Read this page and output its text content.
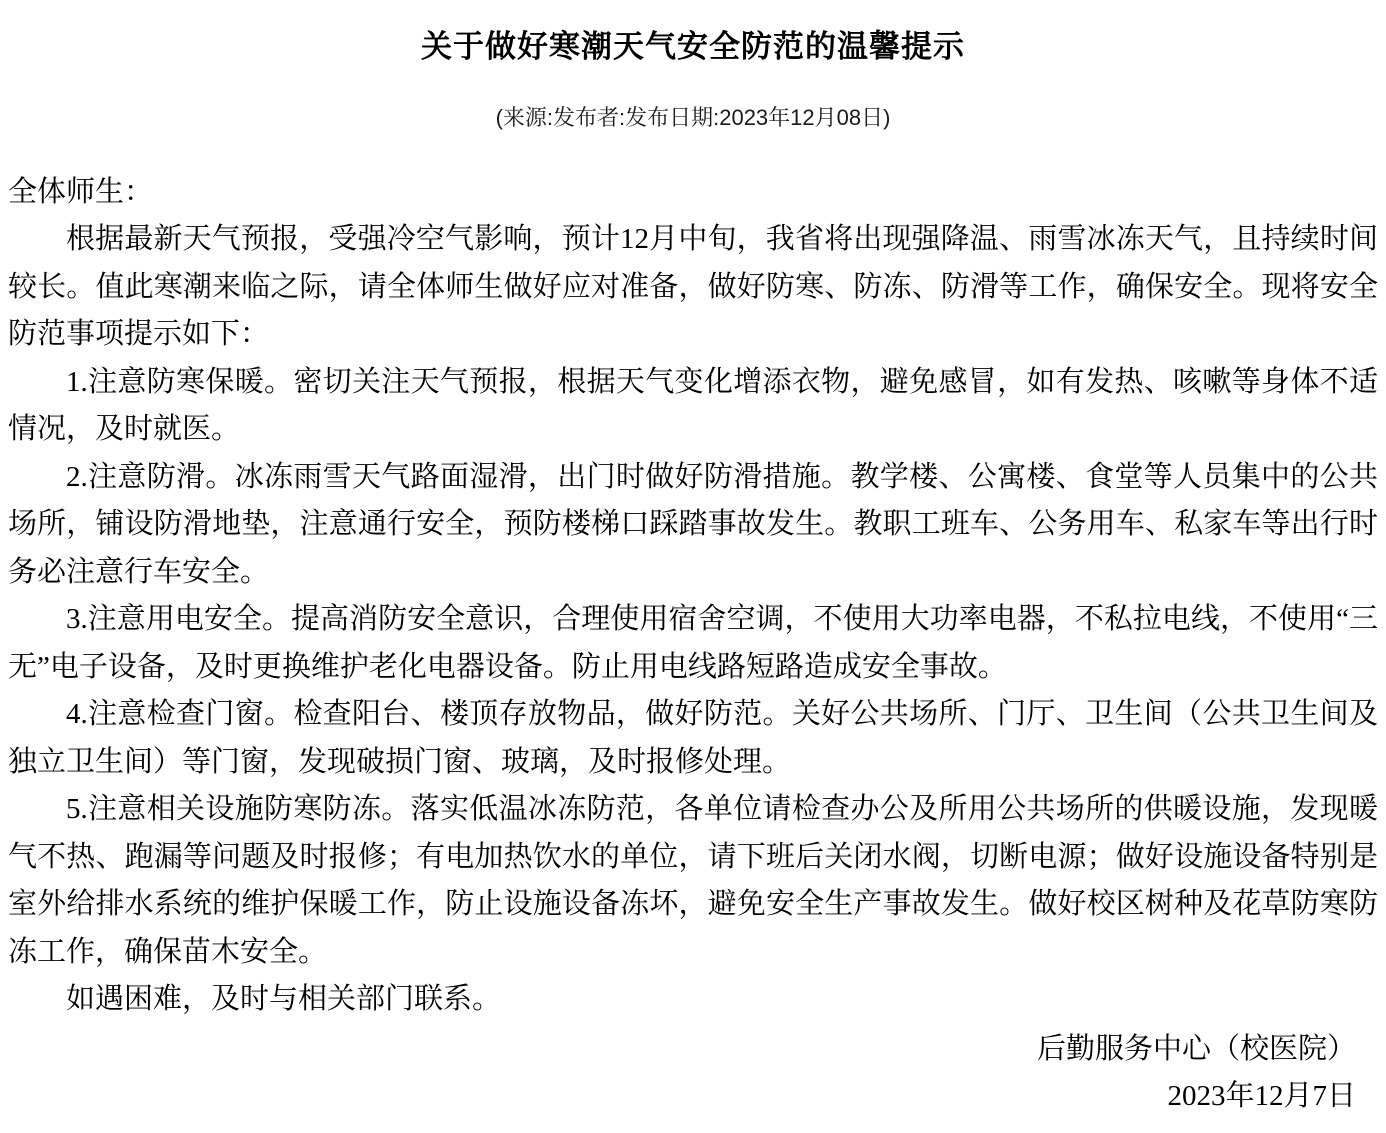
关于做好寒潮天气安全防范的温馨提示
(来源:发布者:发布日期:2023年12月08日)

全体师生：

根据最新天气预报，受强冷空气影响，预计12月中旬，我省将出现强降温、雨雪冰冻天气，且持续时间较长。值此寒潮来临之际，请全体师生做好应对准备，做好防寒、防冻、防滑等工作，确保安全。现将安全防范事项提示如下：

1.注意防寒保暖。密切关注天气预报，根据天气变化增添衣物，避免感冒，如有发热、咳嗽等身体不适情况，及时就医。

2.注意防滑。冰冻雨雪天气路面湿滑，出门时做好防滑措施。教学楼、公寓楼、食堂等人员集中的公共场所，铺设防滑地垫，注意通行安全，预防楼梯口踩踏事故发生。教职工班车、公务用车、私家车等出行时务必注意行车安全。

3.注意用电安全。提高消防安全意识，合理使用宿舍空调，不使用大功率电器，不私拉电线，不使用“三无”电子设备，及时更换维护老化电器设备。防止用电线路短路造成安全事故。

4.注意检查门窗。检查阳台、楼顶存放物品，做好防范。关好公共场所、门厅、卫生间（公共卫生间及独立卫生间）等门窗，发现破损门窗、玻璃，及时报修处理。

5.注意相关设施防寒防冻。落实低温冰冻防范，各单位请检查办公及所用公共场所的供暖设施，发现暖气不热、跑漏等问题及时报修；有电加热饮水的单位，请下班后关闭水阀，切断电源；做好设施设备特别是室外给排水系统的维护保暖工作，防止设施设备冻坏，避免安全生产事故发生。做好校区树种及花草防寒防冻工作，确保苗木安全。

如遇困难，及时与相关部门联系。

后勤服务中心（校医院）
2023年12月7日
